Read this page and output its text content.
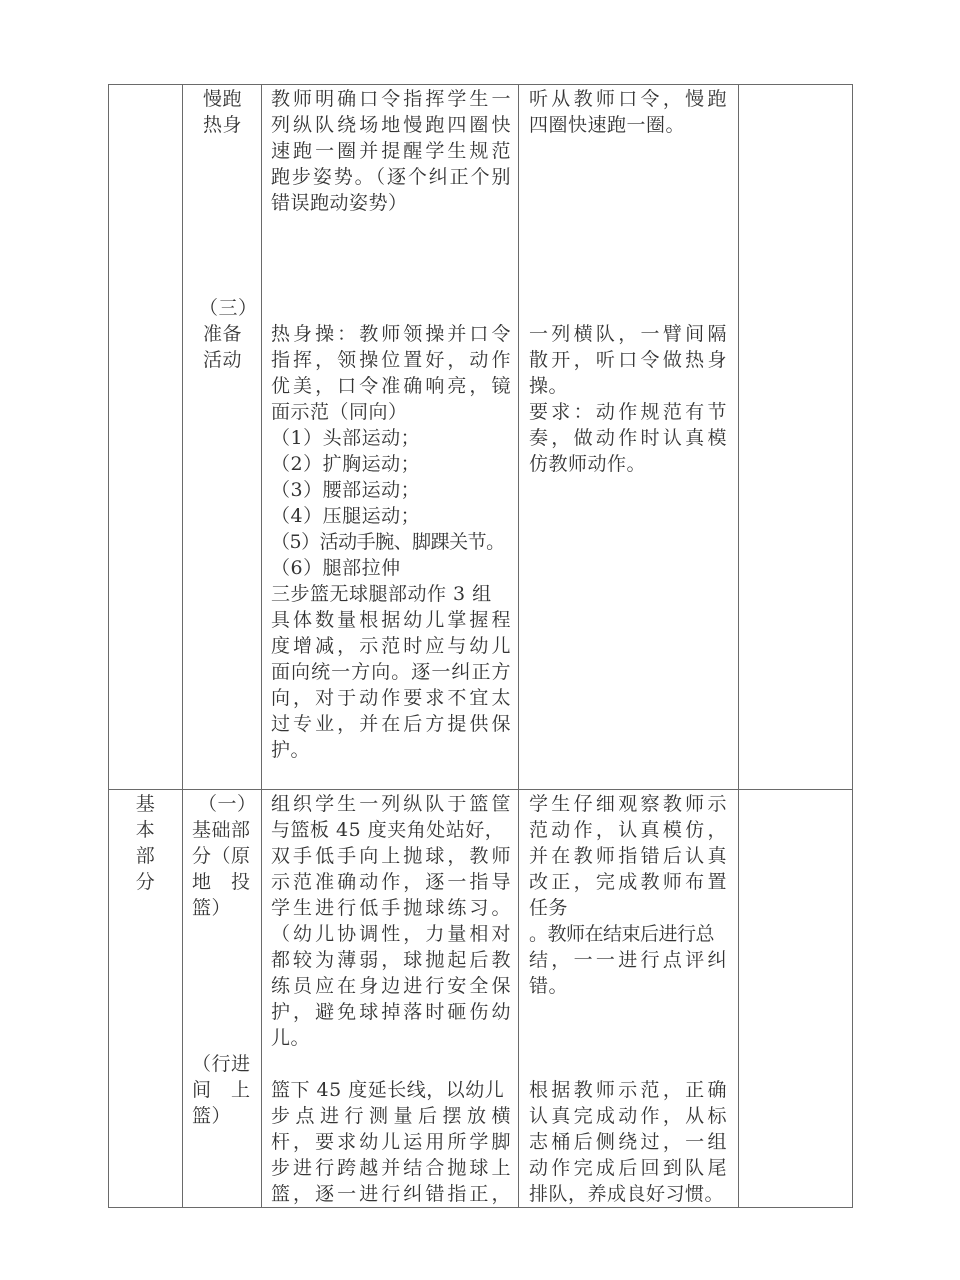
慢跑
热身
教师明确口令指挥学生一
列纵队绕场地慢跑四圈快
速跑一圈并提醒学生规范
跑步姿势。（逐个纠正个别
错误跑动姿势）
听从教师口令，慢跑
四圈快速跑一圈。
（三）
准备
活动
热身操：教师领操并口令
指挥，领操位置好，动作
优美，口令准确响亮，镜
面示范（同向）
（1）头部运动；
（2）扩胸运动；
（3）腰部运动；
（4）压腿运动；
（5）活动手腕、脚踝关节。
（6）腿部拉伸
三步篮无球腿部动作 3 组
具体数量根据幼儿掌握程
度增减，示范时应与幼儿
面向统一方向。逐一纠正方
向，对于动作要求不宜太
过专业，并在后方提供保
护。
一列横队，一臂间隔
散开，听口令做热身
操。
要求：动作规范有节
奏，做动作时认真模
仿教师动作。
基
本
部
分
（一）
基础部
分（原
地　投
篮）
组织学生一列纵队于篮筐
与篮板 45 度夹角处站好，
双手低手向上抛球，教师
示范准确动作，逐一指导
学生进行低手抛球练习。
（幼儿协调性，力量相对
都较为薄弱，球抛起后教
练员应在身边进行安全保
护，避免球掉落时砸伤幼
儿。
学生仔细观察教师示
范动作，认真模仿，
并在教师指错后认真
改正，完成教师布置
任务
。教师在结束后进行总
结，一一进行点评纠
错。
（行进
间　上
篮）
篮下 45 度延长线，以幼儿
步点进行测量后摆放横
杆，要求幼儿运用所学脚
步进行跨越并结合抛球上
篮，逐一进行纠错指正，
根据教师示范，正确
认真完成动作，从标
志桶后侧绕过，一组
动作完成后回到队尾
排队，养成良好习惯。
